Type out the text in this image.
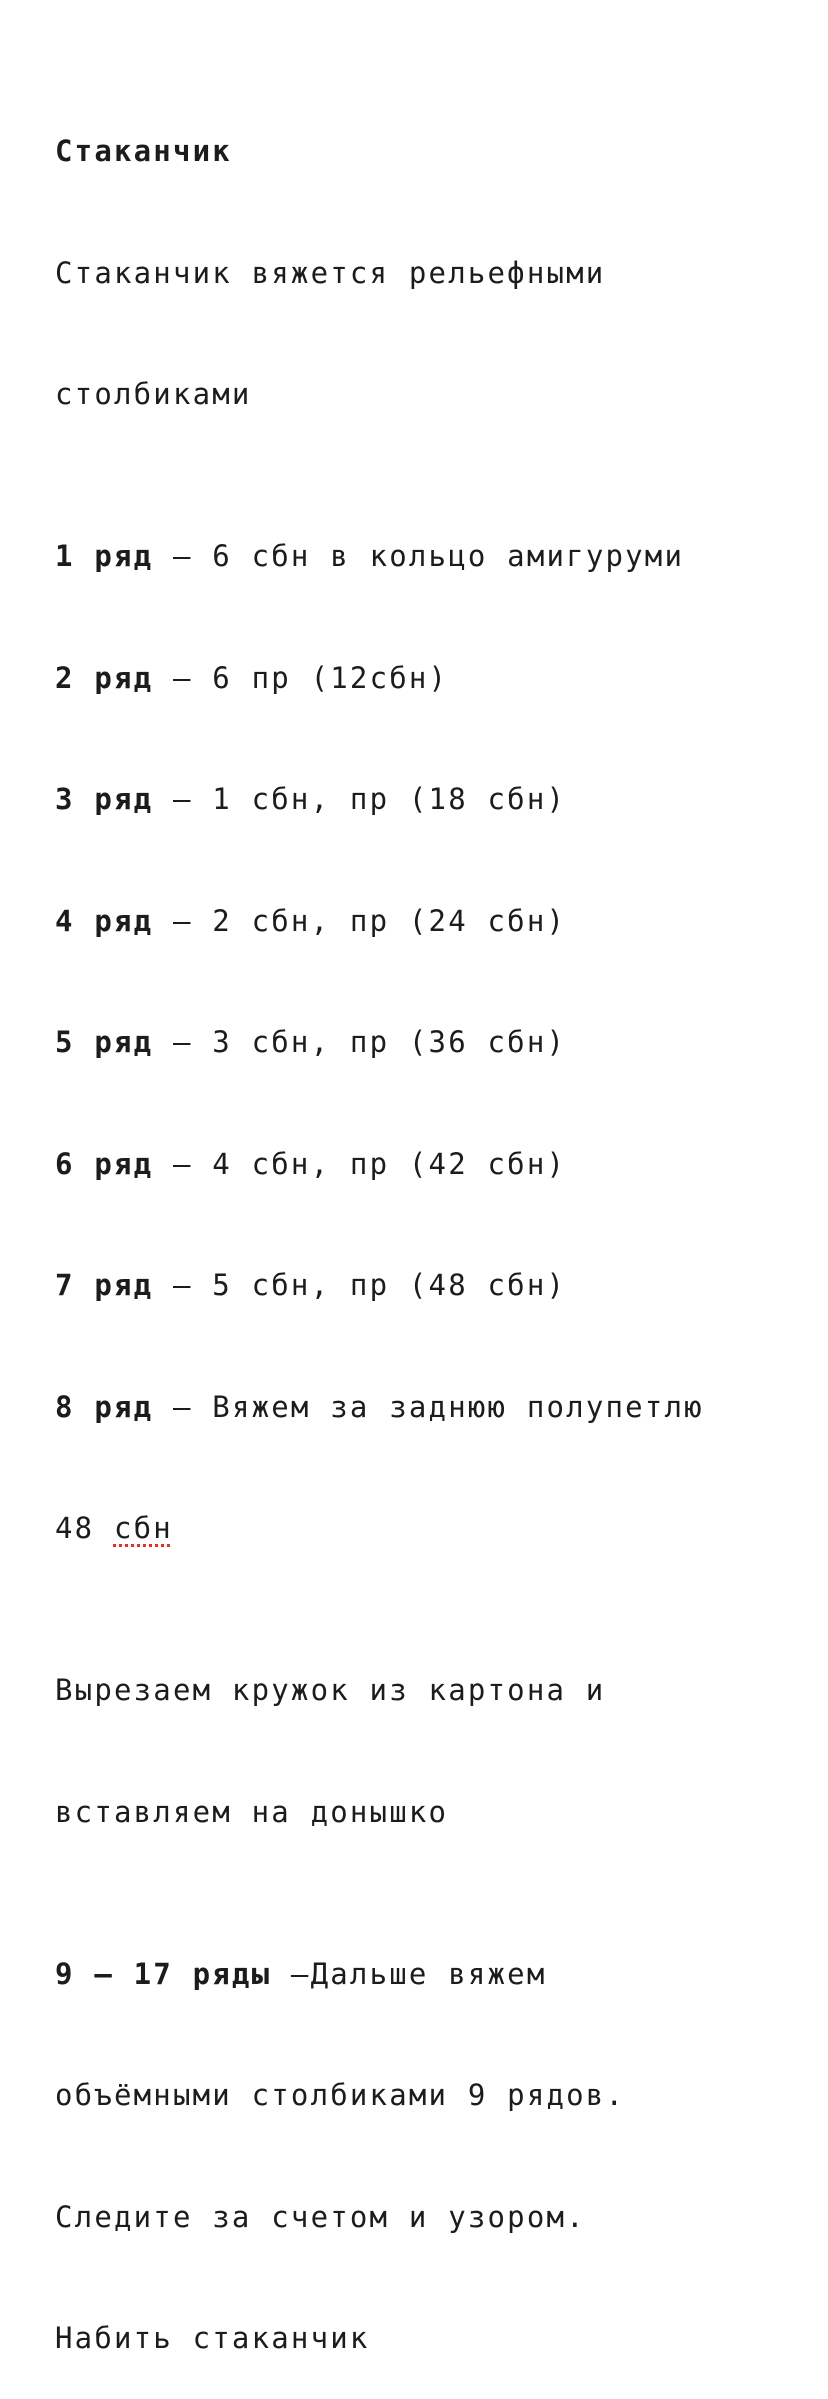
Стаканчик

Стаканчик вяжется рельефными

столбиками

1 ряд – 6 сбн в кольцо амигуруми

2 ряд – 6 пр (12сбн)

3 ряд – 1 сбн, пр (18 сбн)

4 ряд – 2 сбн, пр (24 сбн)

5 ряд – 3 сбн, пр (36 сбн)

6 ряд – 4 сбн, пр (42 сбн)

7 ряд – 5 сбн, пр (48 сбн)

8 ряд – Вяжем за заднюю полупетлю

48 сбн

Вырезаем кружок из картона и

вставляем на донышко

9 – 17 ряды –Дальше вяжем

объёмными столбиками 9 рядов.

Следите за счетом и узором.

Набить стаканчик
